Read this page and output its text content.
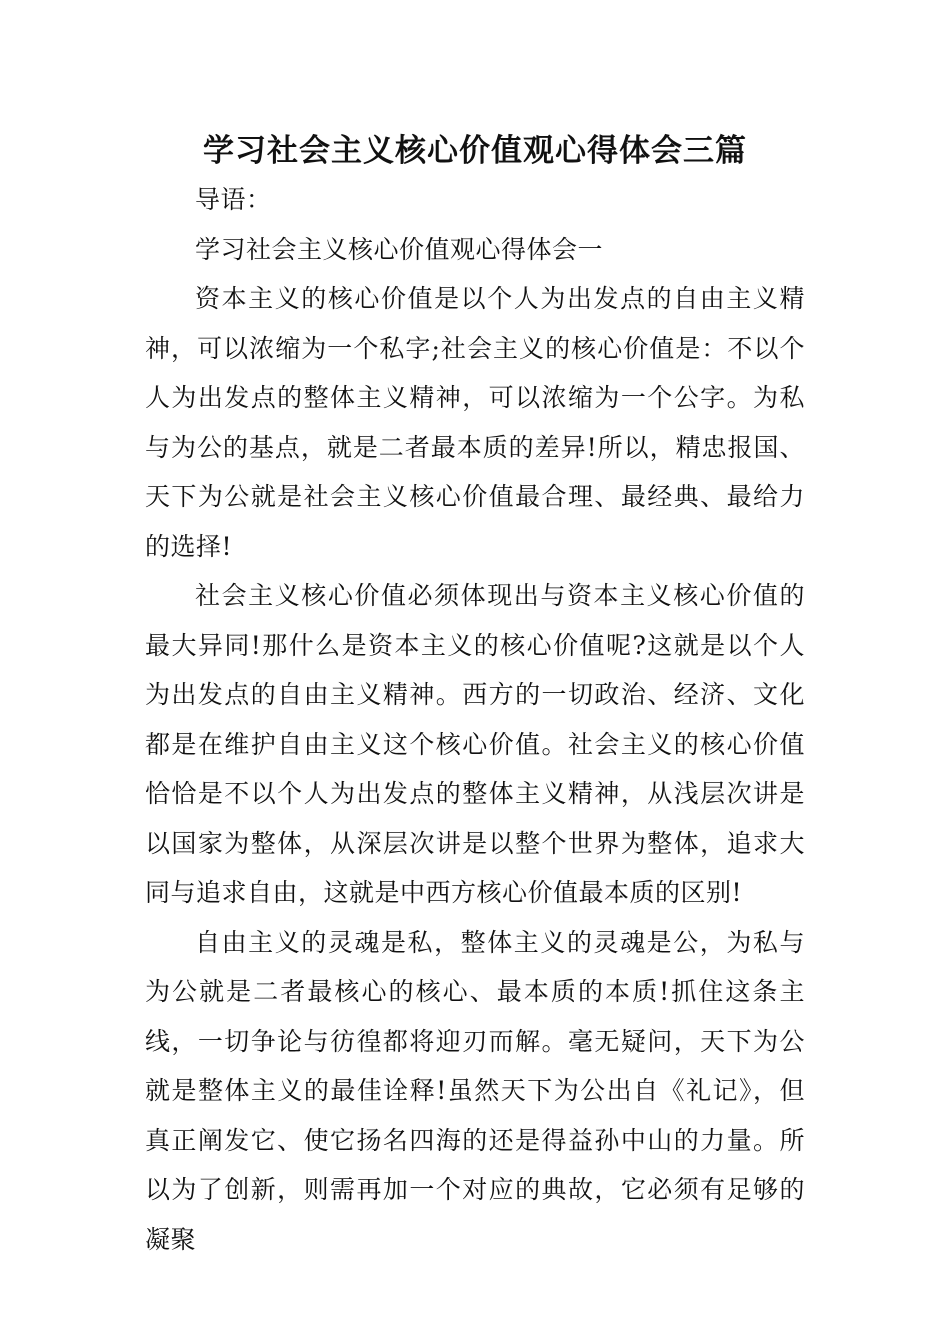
学习社会主义核心价值观心得体会三篇

导语：

学习社会主义核心价值观心得体会一

资本主义的核心价值是以个人为出发点的自由主义精神，可以浓缩为一个私字;社会主义的核心价值是：不以个人为出发点的整体主义精神，可以浓缩为一个公字。为私与为公的基点，就是二者最本质的差异!所以，精忠报国、天下为公就是社会主义核心价值最合理、最经典、最给力的选择!

社会主义核心价值必须体现出与资本主义核心价值的最大异同!那什么是资本主义的核心价值呢?这就是以个人为出发点的自由主义精神。西方的一切政治、经济、文化都是在维护自由主义这个核心价值。社会主义的核心价值恰恰是不以个人为出发点的整体主义精神，从浅层次讲是以国家为整体，从深层次讲是以整个世界为整体，追求大同与追求自由，这就是中西方核心价值最本质的区别!

自由主义的灵魂是私，整体主义的灵魂是公，为私与为公就是二者最核心的核心、最本质的本质!抓住这条主线，一切争论与彷徨都将迎刃而解。毫无疑问，天下为公就是整体主义的最佳诠释!虽然天下为公出自《礼记》，但真正阐发它、使它扬名四海的还是得益孙中山的力量。所以为了创新，则需再加一个对应的典故，它必须有足够的凝聚
